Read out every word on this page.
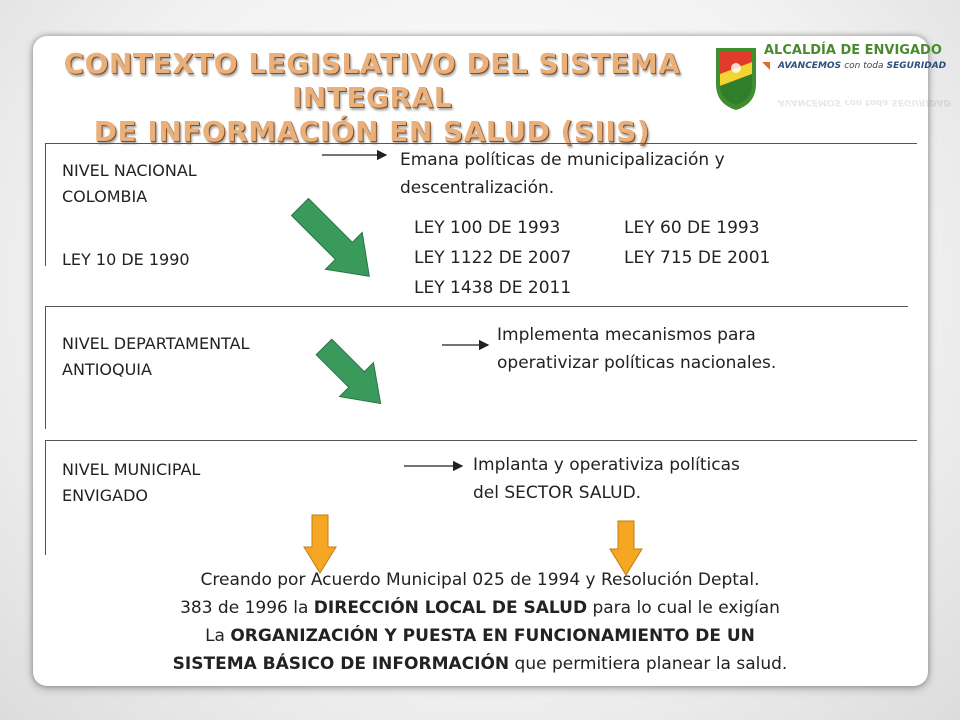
CONTEXTO LEGISLATIVO DEL SISTEMA INTEGRAL
DE INFORMACIÓN EN SALUD (SIIS)
ALCALDÍA DE ENVIGADO
AVANCEMOS con toda SEGURIDAD
AVANCEMOS con toda SEGURIDAD
NIVEL NACIONAL
COLOMBIA
LEY 10 DE 1990
Emana políticas de municipalización y
descentralización.
LEY 100 DE 1993
LEY 1122 DE 2007
LEY 1438 DE 2011
LEY 60 DE 1993
LEY 715 DE 2001
NIVEL DEPARTAMENTAL
ANTIOQUIA
Implementa mecanismos para
operativizar políticas nacionales.
NIVEL MUNICIPAL
ENVIGADO
Implanta y operativiza políticas
del SECTOR SALUD.
Creando por Acuerdo Municipal 025 de 1994 y Resolución Deptal.
383 de 1996 la DIRECCIÓN LOCAL DE SALUD para lo cual le exigían
La ORGANIZACIÓN Y PUESTA EN FUNCIONAMIENTO DE UN
SISTEMA BÁSICO DE INFORMACIÓN que permitiera planear la salud.
